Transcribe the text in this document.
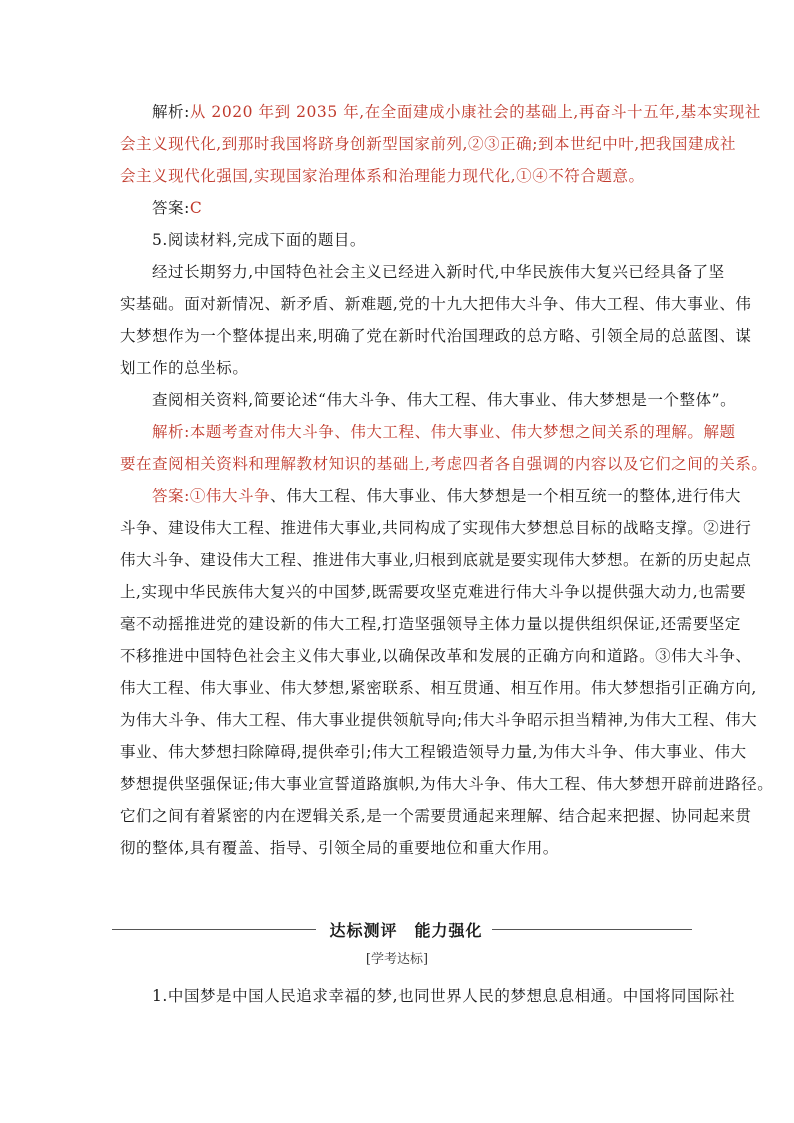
解析:从 2020 年到 2035 年,在全面建成小康社会的基础上,再奋斗十五年,基本实现社
会主义现代化,到那时我国将跻身创新型国家前列,②③正确;到本世纪中叶,把我国建成社
会主义现代化强国,实现国家治理体系和治理能力现代化,①④不符合题意。
答案:C
5.阅读材料,完成下面的题目。
经过长期努力,中国特色社会主义已经进入新时代,中华民族伟大复兴已经具备了坚
实基础。面对新情况、新矛盾、新难题,党的十九大把伟大斗争、伟大工程、伟大事业、伟
大梦想作为一个整体提出来,明确了党在新时代治国理政的总方略、引领全局的总蓝图、谋
划工作的总坐标。
查阅相关资料,简要论述“伟大斗争、伟大工程、伟大事业、伟大梦想是一个整体”。
解析:本题考查对伟大斗争、伟大工程、伟大事业、伟大梦想之间关系的理解。解题
要在查阅相关资料和理解教材知识的基础上,考虑四者各自强调的内容以及它们之间的关系。
答案:①伟大斗争、伟大工程、伟大事业、伟大梦想是一个相互统一的整体,进行伟大
斗争、建设伟大工程、推进伟大事业,共同构成了实现伟大梦想总目标的战略支撑。②进行
伟大斗争、建设伟大工程、推进伟大事业,归根到底就是要实现伟大梦想。在新的历史起点
上,实现中华民族伟大复兴的中国梦,既需要攻坚克难进行伟大斗争以提供强大动力,也需要
毫不动摇推进党的建设新的伟大工程,打造坚强领导主体力量以提供组织保证,还需要坚定
不移推进中国特色社会主义伟大事业,以确保改革和发展的正确方向和道路。③伟大斗争、
伟大工程、伟大事业、伟大梦想,紧密联系、相互贯通、相互作用。伟大梦想指引正确方向,
为伟大斗争、伟大工程、伟大事业提供领航导向;伟大斗争昭示担当精神,为伟大工程、伟大
事业、伟大梦想扫除障碍,提供牵引;伟大工程锻造领导力量,为伟大斗争、伟大事业、伟大
梦想提供坚强保证;伟大事业宣誓道路旗帜,为伟大斗争、伟大工程、伟大梦想开辟前进路径。
它们之间有着紧密的内在逻辑关系,是一个需要贯通起来理解、结合起来把握、协同起来贯
彻的整体,具有覆盖、指导、引领全局的重要地位和重大作用。
达标测评　能力强化
[学考达标]
1.中国梦是中国人民追求幸福的梦,也同世界人民的梦想息息相通。中国将同国际社
